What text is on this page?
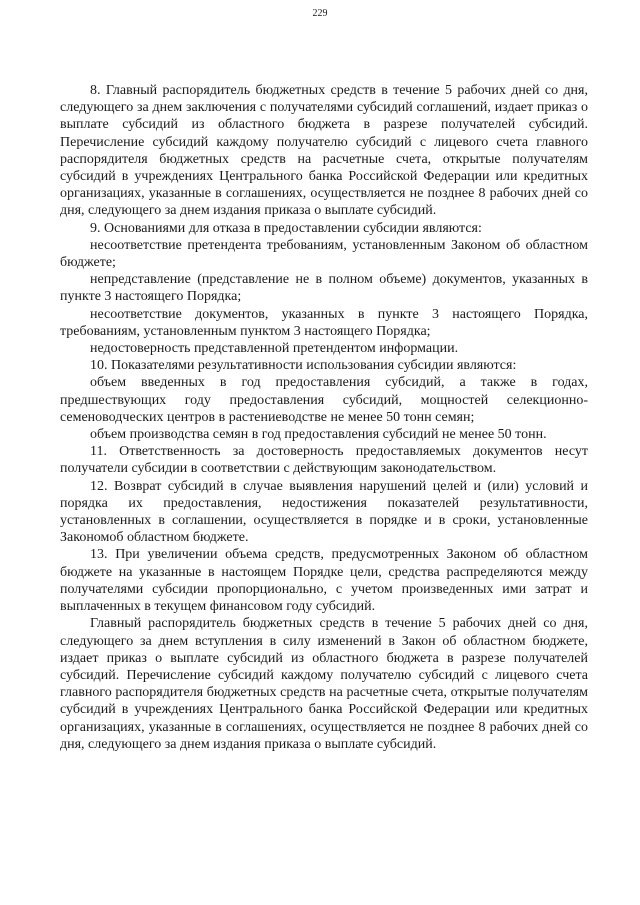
229

8. Главный распорядитель бюджетных средств в течение 5 рабочих дней со дня, следующего за днем заключения с получателями субсидий соглашений, издает приказ о выплате субсидий из областного бюджета в разрезе получателей субсидий. Перечисление субсидий каждому получателю субсидий с лицевого счета главного распорядителя бюджетных средств на расчетные счета, открытые получателям субсидий в учреждениях Центрального банка Российской Федерации или кредитных организациях, указанные в соглашениях, осуществляется не позднее 8 рабочих дней со дня, следующего за днем издания приказа о выплате субсидий.

9. Основаниями для отказа в предоставлении субсидии являются:

несоответствие претендента требованиям, установленным Законом об областном бюджете;

непредставление (представление не в полном объеме) документов, указанных в пункте 3 настоящего Порядка;

несоответствие документов, указанных в пункте 3 настоящего Порядка, требованиям, установленным пунктом 3 настоящего Порядка;

недостоверность представленной претендентом информации.

10. Показателями результативности использования субсидии являются:

объем введенных в год предоставления субсидий, а также в годах, предшествующих году предоставления субсидий, мощностей селекционно-семеноводческих центров в растениеводстве не менее 50 тонн семян;

объем производства семян в год предоставления субсидий не менее 50 тонн.

11. Ответственность за достоверность предоставляемых документов несут получатели субсидии в соответствии с действующим законодательством.

12. Возврат субсидий в случае выявления нарушений целей и (или) условий и порядка их предоставления, недостижения показателей результативности, установленных в соглашении, осуществляется в порядке и в сроки, установленные Закономоб областном бюджете.

13. При увеличении объема средств, предусмотренных Законом об областном бюджете на указанные в настоящем Порядке цели, средства распределяются между получателями субсидии пропорционально, с учетом произведенных ими затрат и выплаченных в текущем финансовом году субсидий.

Главный распорядитель бюджетных средств в течение 5 рабочих дней со дня, следующего за днем вступления в силу изменений в Закон об областном бюджете, издает приказ о выплате субсидий из областного бюджета в разрезе получателей субсидий. Перечисление субсидий каждому получателю субсидий с лицевого счета главного распорядителя бюджетных средств на расчетные счета, открытые получателям субсидий в учреждениях Центрального банка Российской Федерации или кредитных организациях, указанные в соглашениях, осуществляется не позднее 8 рабочих дней со дня, следующего за днем издания приказа о выплате субсидий.
